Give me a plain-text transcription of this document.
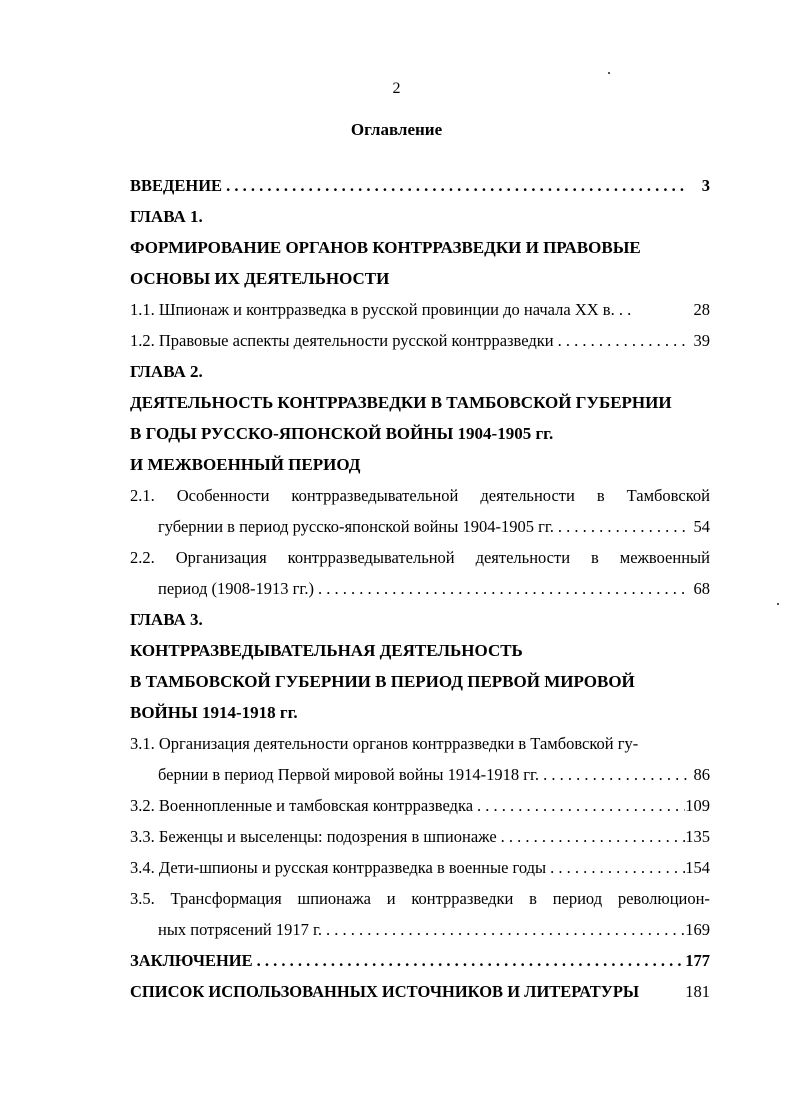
2
Оглавление
ВВЕДЕНИЕ . . .	3
ГЛАВА 1.
ФОРМИРОВАНИЕ ОРГАНОВ КОНТРРАЗВЕДКИ И ПРАВОВЫЕ
ОСНОВЫ ИХ ДЕЯТЕЛЬНОСТИ
1.1. Шпионаж и контрразведка в русской провинции до начала ХХ в. . .	28
1.2. Правовые аспекты деятельности русской контрразведки . . .	39
ГЛАВА 2.
ДЕЯТЕЛЬНОСТЬ КОНТРРАЗВЕДКИ В ТАМБОВСКОЙ ГУБЕРНИИ
В ГОДЫ РУССКО-ЯПОНСКОЙ ВОЙНЫ 1904-1905 гг.
И МЕЖВОЕННЫЙ ПЕРИОД
2.1. Особенности контрразведывательной деятельности в Тамбовской
губернии в период русско-японской войны 1904-1905 гг. . . .	54
2.2. Организация контрразведывательной деятельности в межвоенный
период (1908-1913 гг.) . . .	68
ГЛАВА 3.
КОНТРРАЗВЕДЫВАТЕЛЬНАЯ ДЕЯТЕЛЬНОСТЬ
В ТАМБОВСКОЙ ГУБЕРНИИ В ПЕРИОД ПЕРВОЙ МИРОВОЙ
ВОЙНЫ 1914-1918 гг.
3.1. Организация деятельности органов контрразведки в Тамбовской гу-
бернии в период Первой мировой войны 1914-1918 гг. . . .	86
3.2. Военнопленные и тамбовская контрразведка . . .	109
3.3. Беженцы и выселенцы: подозрения в шпионаже . . .	135
3.4. Дети-шпионы и русская контрразведка в военные годы . . .	154
3.5. Трансформация шпионажа и контрразведки в период революцион-
ных потрясений 1917 г. . . .	169
ЗАКЛЮЧЕНИЕ . . .	177
СПИСОК ИСПОЛЬЗОВАННЫХ ИСТОЧНИКОВ И ЛИТЕРАТУРЫ	181
